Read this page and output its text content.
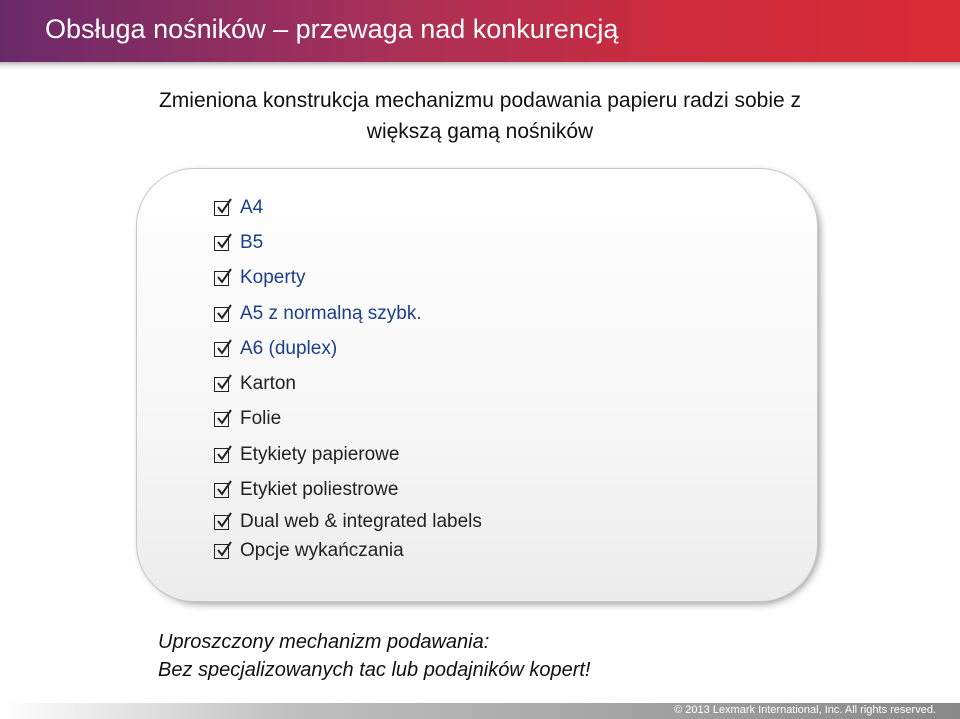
Obsługa nośników – przewaga nad konkurencją
Zmieniona konstrukcja mechanizmu podawania papieru radzi sobie z
większą gamą nośników
A4
B5
Koperty
A5 z normalną szybk.
A6 (duplex)
Karton
Folie
Etykiety papierowe
Etykiet poliestrowe
Dual web & integrated labels
Opcje wykańczania
Uproszczony mechanizm podawania:
Bez specjalizowanych tac lub podajników kopert!
© 2013 Lexmark International, Inc. All rights reserved.
